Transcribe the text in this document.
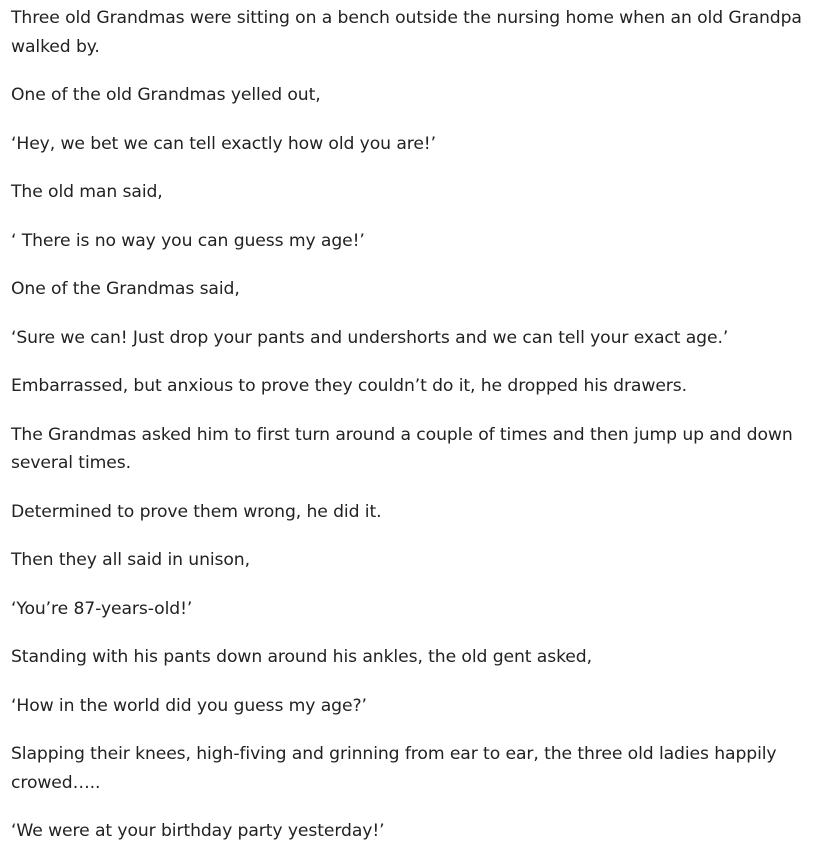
Three old Grandmas were sitting on a bench outside the nursing home when an old Grandpa walked by.

One of the old Grandmas yelled out,

‘Hey, we bet we can tell exactly how old you are!’

The old man said,

‘ There is no way you can guess my age!’

One of the Grandmas said,

‘Sure we can! Just drop your pants and undershorts and we can tell your exact age.’

Embarrassed, but anxious to prove they couldn’t do it, he dropped his drawers.

The Grandmas asked him to first turn around a couple of times and then jump up and down several times.

Determined to prove them wrong, he did it.

Then they all said in unison,

‘You’re 87-years-old!’

Standing with his pants down around his ankles, the old gent asked,

‘How in the world did you guess my age?’

Slapping their knees, high-fiving and grinning from ear to ear, the three old ladies happily crowed…..

‘We were at your birthday party yesterday!’
